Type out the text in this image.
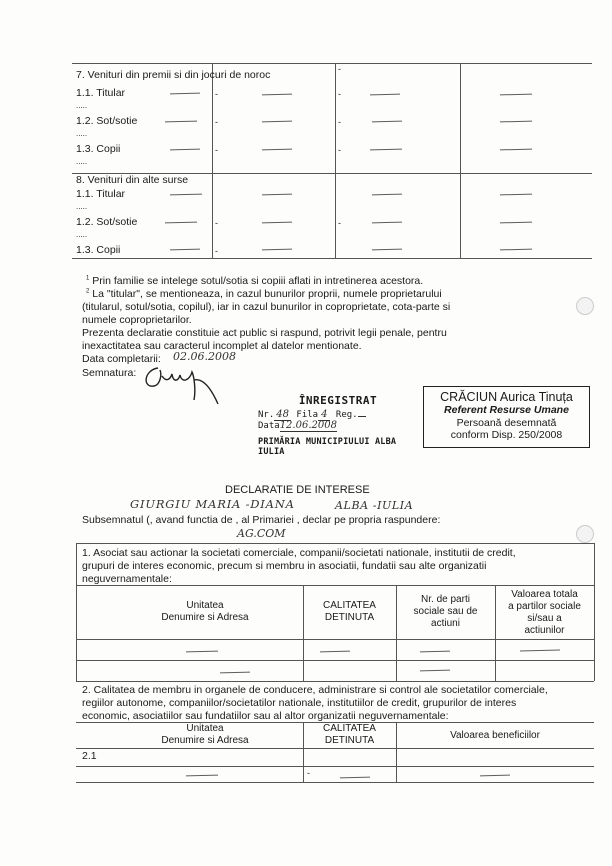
7. Venituri din premii si din jocuri de noroc
1.1. Titular
.....
1.2. Sot/sotie
.....
1.3. Copii
.....
8. Venituri din alte surse
1.1. Titular
.....
1.2. Sot/sotie
.....
1.3. Copii
-
-
-
-
-
-
-
-
-
-
$^1$ Prin familie se intelege sotul/sotia si copiii aflati in intretinerea acestora.
$^2$ La "titular", se mentioneaza, in cazul bunurilor proprii, numele proprietarului
(titularul, sotul/sotia, copilul), iar in cazul bunurilor in coproprietate, cota-parte si
numele coproprietarilor.
Prezenta declaratie constituie act public si raspund, potrivit legii penale, pentru
inexactitatea sau caracterul incomplet al datelor mentionate.
Data completarii: 02.06.2008
Semnatura:
ÎNREGISTRAT
Nr. 48 Fila 4 Reg. Data12.06.2008
PRIMĂRIA MUNICIPIULUI ALBA IULIA
CRĂCIUN Aurica Tinuța
Referent Resurse Umane
Persoană desemnată
conform Disp. 250/2008
DECLARATIE DE INTERESE
GIURGIU MARIA -DIANA	ALBA -IULIA
Subsemnatul (, avand functia de , al Primariei , declar pe propria raspundere:
AG.COM
1. Asociat sau actionar la societati comerciale, companii/societati nationale, institutii de credit,
grupuri de interes economic, precum si membru in asociatii, fundatii sau alte organizatii
neguvernamentale:
Unitatea
Denumire si Adresa
CALITATEA
DETINUTA
Nr. de parti
sociale sau de
actiuni
Valoarea totala
a partilor sociale
si/sau a
actiunilor
2. Calitatea de membru in organele de conducere, administrare si control ale societatilor comerciale,
regiilor autonome, companiilor/societatilor nationale, institutiilor de credit, grupurilor de interes
economic, asociatiilor sau fundatiilor sau al altor organizatii neguvernamentale:
Unitatea
Denumire si Adresa
CALITATEA
DETINUTA	Valoarea beneficiilor
2.1
-
